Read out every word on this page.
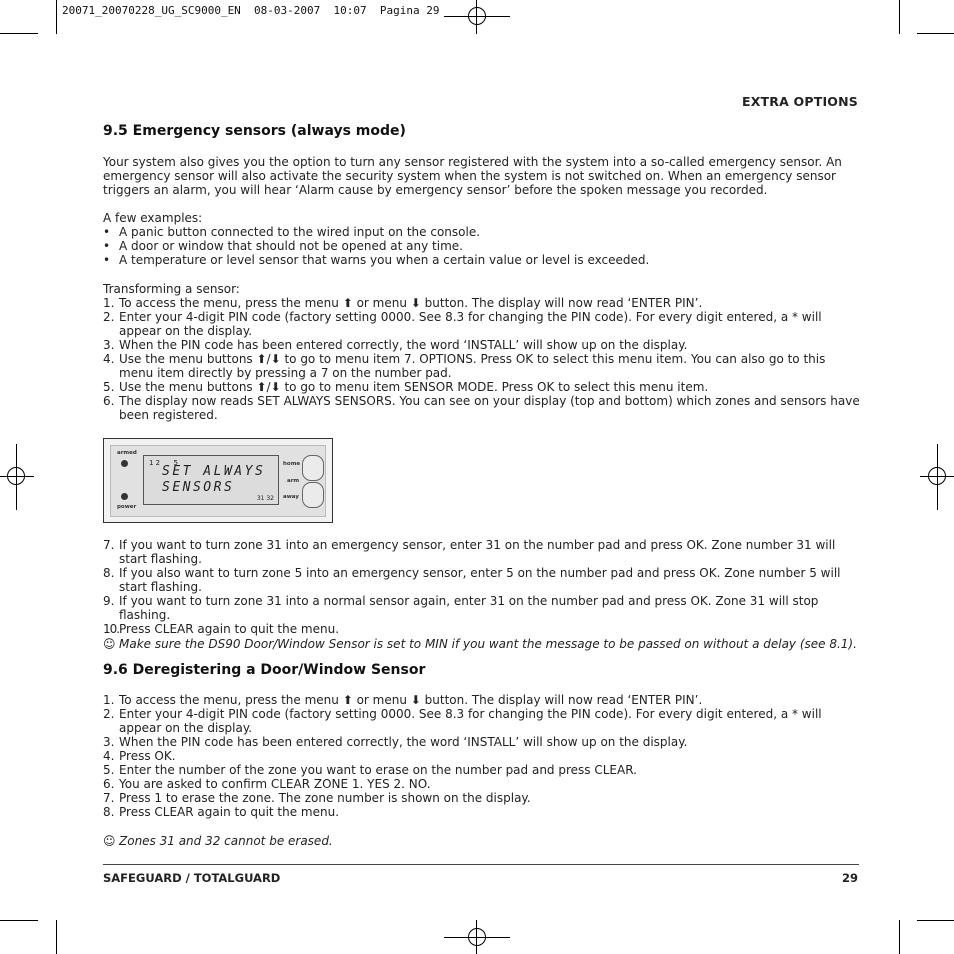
20071_20070228_UG_SC9000_EN  08-03-2007  10:07  Pagina 29
EXTRA OPTIONS
9.5 Emergency sensors (always mode)
Your system also gives you the option to turn any sensor registered with the system into a so-called emergency sensor. An emergency sensor will also activate the security system when the system is not switched on. When an emergency sensor triggers an alarm, you will hear ‘Alarm cause by emergency sensor’ before the spoken message you recorded.
A few examples:
• A panic button connected to the wired input on the console.
• A door or window that should not be opened at any time.
• A temperature or level sensor that warns you when a certain value or level is exceeded.
Transforming a sensor:
1. To access the menu, press the menu ⬆ or menu ⬇ button. The display will now read ‘ENTER PIN’.
2. Enter your 4-digit PIN code (factory setting 0000. See 8.3 for changing the PIN code). For every digit entered, a * will appear on the display.
3. When the PIN code has been entered correctly, the word ‘INSTALL’ will show up on the display.
4. Use the menu buttons ⬆/⬇ to go to menu item 7. OPTIONS. Press OK to select this menu item. You can also go to this menu item directly by pressing a 7 on the number pad.
5. Use the menu buttons ⬆/⬇ to go to menu item SENSOR MODE. Press OK to select this menu item.
6. The display now reads SET ALWAYS SENSORS. You can see on your display (top and bottom) which zones and sensors have been registered.
armed
power
1 2      5
SET ALWAYS
SENSORS
31 32
home
arm
away
7. If you want to turn zone 31 into an emergency sensor, enter 31 on the number pad and press OK. Zone number 31 will start flashing.
8. If you also want to turn zone 5 into an emergency sensor, enter 5 on the number pad and press OK. Zone number 5 will start flashing.
9. If you want to turn zone 31 into a normal sensor again, enter 31 on the number pad and press OK. Zone 31 will stop flashing.
10. Press CLEAR again to quit the menu.
☺ Make sure the DS90 Door/Window Sensor is set to MIN if you want the message to be passed on without a delay (see 8.1).
9.6 Deregistering a Door/Window Sensor
1. To access the menu, press the menu ⬆ or menu ⬇ button. The display will now read ‘ENTER PIN’.
2. Enter your 4-digit PIN code (factory setting 0000. See 8.3 for changing the PIN code). For every digit entered, a * will appear on the display.
3. When the PIN code has been entered correctly, the word ‘INSTALL’ will show up on the display.
4. Press OK.
5. Enter the number of the zone you want to erase on the number pad and press CLEAR.
6. You are asked to confirm CLEAR ZONE 1. YES 2. NO.
7. Press 1 to erase the zone. The zone number is shown on the display.
8. Press CLEAR again to quit the menu.
☺ Zones 31 and 32 cannot be erased.
SAFEGUARD / TOTALGUARD	29
